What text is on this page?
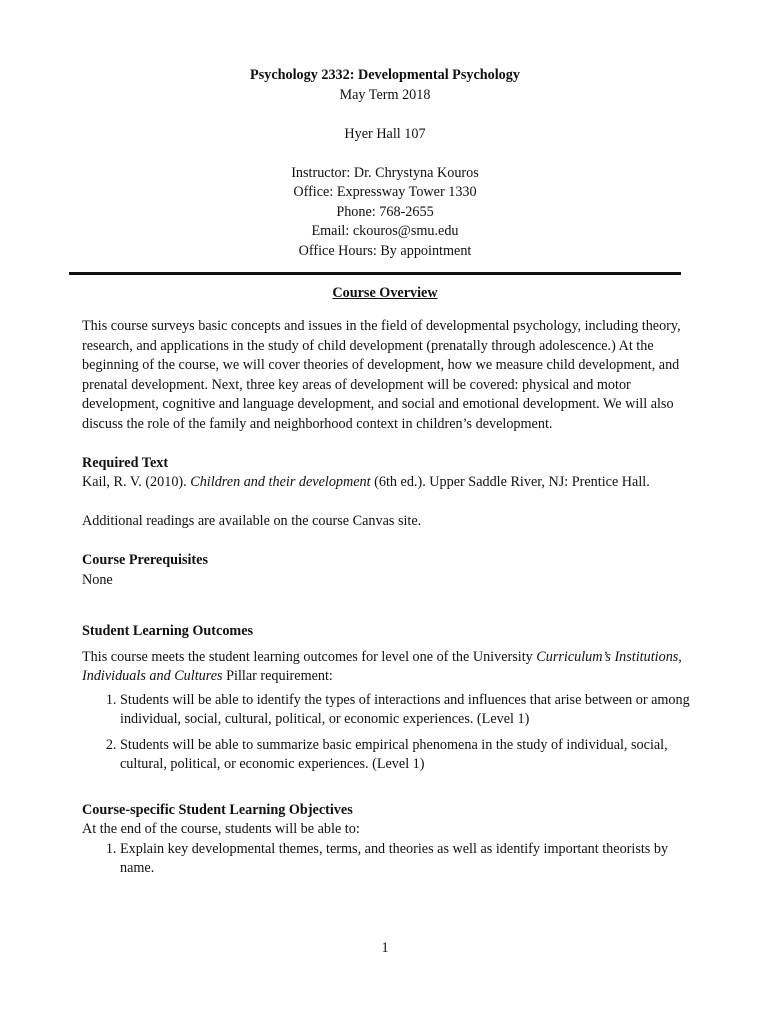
Psychology 2332: Developmental Psychology
May Term 2018
Hyer Hall 107
Instructor: Dr. Chrystyna Kouros
Office: Expressway Tower 1330
Phone: 768-2655
Email: ckouros@smu.edu
Office Hours: By appointment
Course Overview

This course surveys basic concepts and issues in the field of developmental psychology, including theory, research, and applications in the study of child development (prenatally through adolescence.) At the beginning of the course, we will cover theories of development, how we measure child development, and prenatal development. Next, three key areas of development will be covered: physical and motor development, cognitive and language development, and social and emotional development. We will also discuss the role of the family and neighborhood context in children’s development.

Required Text

Kail, R. V. (2010). Children and their development (6th ed.). Upper Saddle River, NJ: Prentice Hall.

Additional readings are available on the course Canvas site.

Course Prerequisites

None

Student Learning Outcomes

This course meets the student learning outcomes for level one of the University Curriculum’s Institutions, Individuals and Cultures Pillar requirement:

1. Students will be able to identify the types of interactions and influences that arise between or among individual, social, cultural, political, or economic experiences. (Level 1)
2. Students will be able to summarize basic empirical phenomena in the study of individual, social, cultural, political, or economic experiences. (Level 1)

Course-specific Student Learning Objectives

At the end of the course, students will be able to:

1. Explain key developmental themes, terms, and theories as well as identify important theorists by name.
1
